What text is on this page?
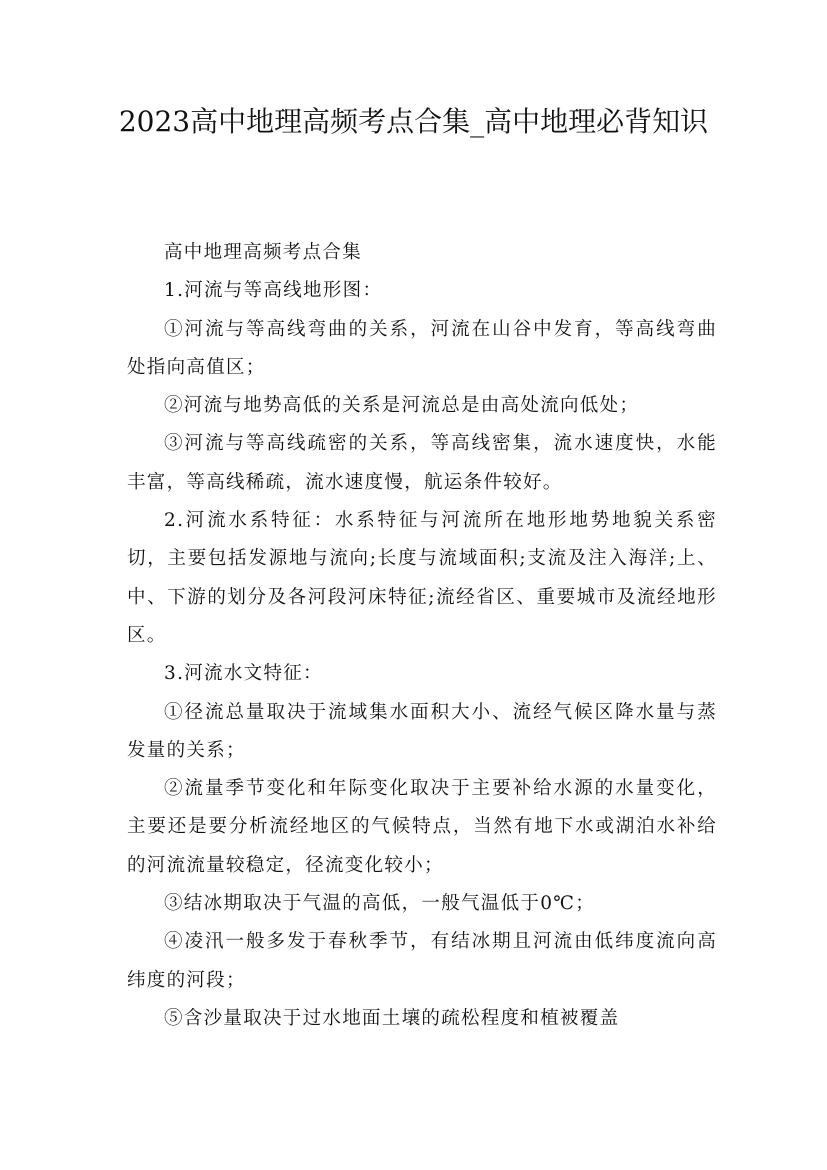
2023高中地理高频考点合集_高中地理必背知识

高中地理高频考点合集

1.河流与等高线地形图：

①河流与等高线弯曲的关系，河流在山谷中发育，等高线弯曲处指向高值区；

②河流与地势高低的关系是河流总是由高处流向低处；

③河流与等高线疏密的关系，等高线密集，流水速度快，水能丰富，等高线稀疏，流水速度慢，航运条件较好。

2.河流水系特征：水系特征与河流所在地形地势地貌关系密切，主要包括发源地与流向;长度与流域面积;支流及注入海洋;上、中、下游的划分及各河段河床特征;流经省区、重要城市及流经地形区。

3.河流水文特征：

①径流总量取决于流域集水面积大小、流经气候区降水量与蒸发量的关系；

②流量季节变化和年际变化取决于主要补给水源的水量变化，主要还是要分析流经地区的气候特点，当然有地下水或湖泊水补给的河流流量较稳定，径流变化较小；

③结冰期取决于气温的高低，一般气温低于0℃；

④凌汛一般多发于春秋季节，有结冰期且河流由低纬度流向高纬度的河段；

⑤含沙量取决于过水地面土壤的疏松程度和植被覆盖
